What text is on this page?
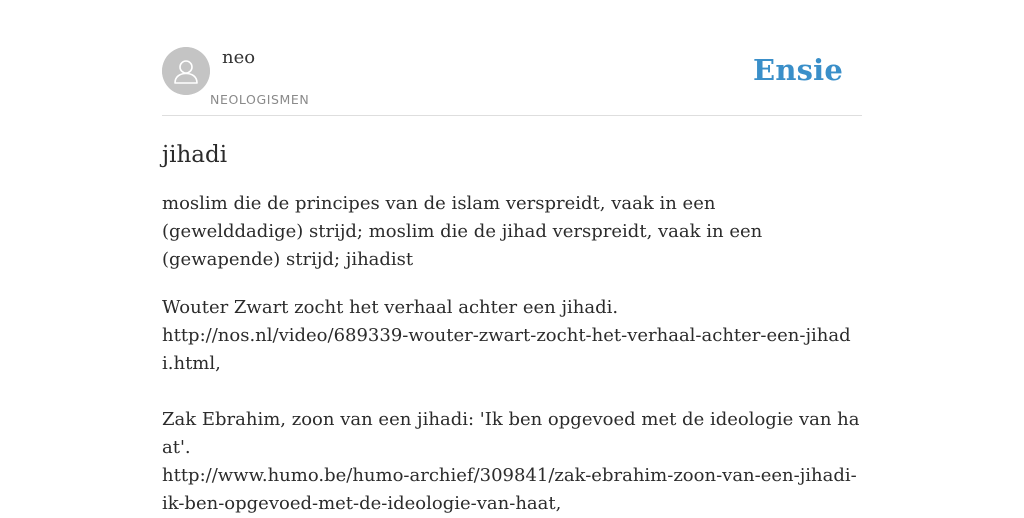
neo
NEOLOGISMEN
Ensie
jihadi

moslim die de principes van de islam verspreidt, vaak in een (gewelddadige) strijd; moslim die de jihad verspreidt, vaak in een (gewapende) strijd; jihadist

Wouter Zwart zocht het verhaal achter een jihadi.
http://nos.nl/video/689339-wouter-zwart-zocht-het-verhaal-achter-een-jihadi.html,
Zak Ebrahim, zoon van een jihadi: 'Ik ben opgevoed met de ideologie van haat'.
http://www.humo.be/humo-archief/309841/zak-ebrahim-zoon-van-een-jihadi-ik-ben-opgevoed-met-de-ideologie-van-haat,
